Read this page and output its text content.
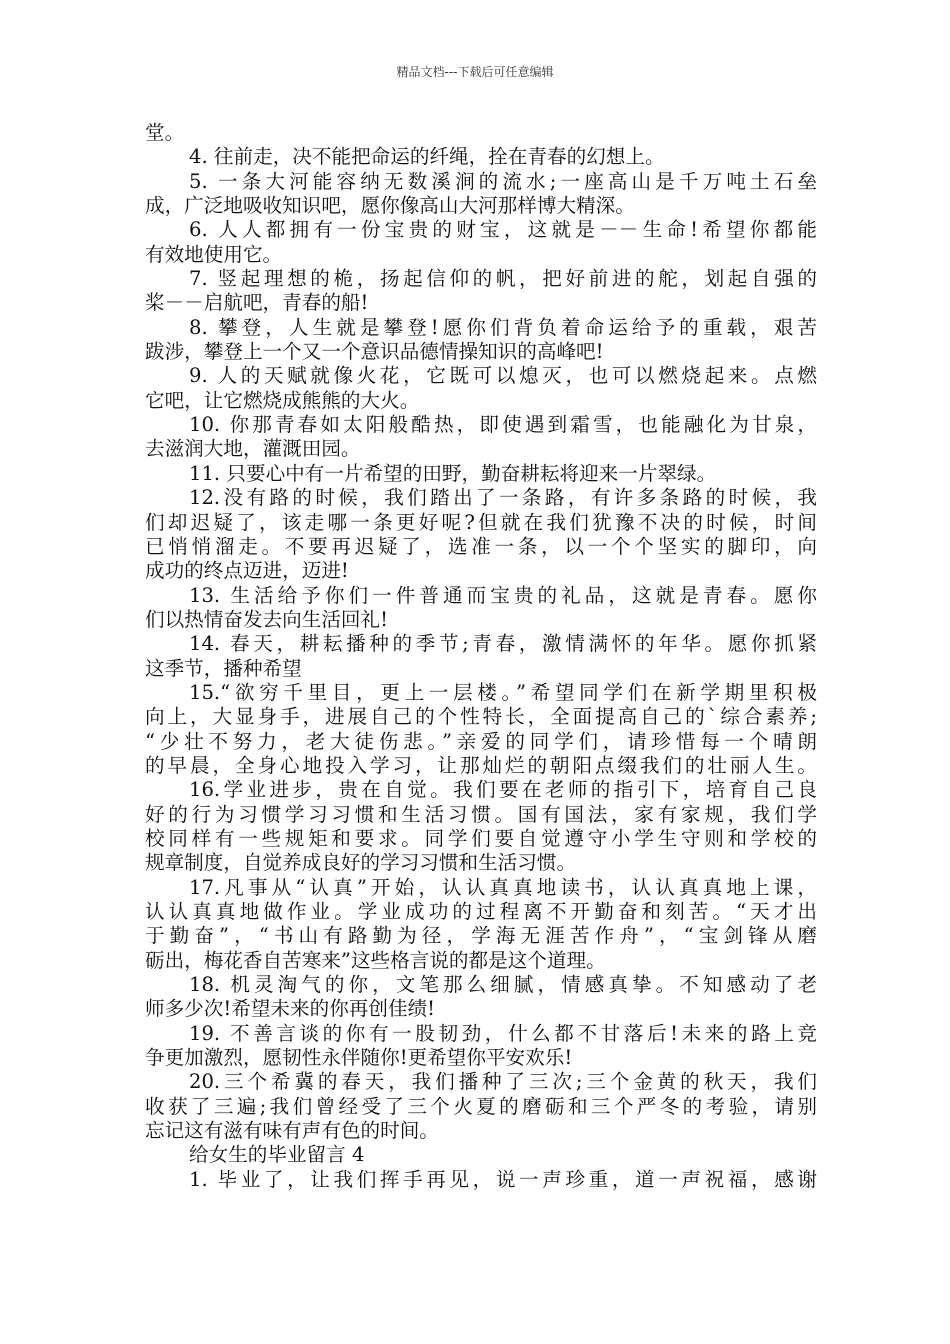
精品文档---下载后可任意编辑
堂。
4. 往前走，决不能把命运的纤绳，拴在青春的幻想上。
5. 一条大河能容纳无数溪涧的流水;一座高山是千万吨土石垒
成，广泛地吸收知识吧，愿你像高山大河那样博大精深。
6. 人人都拥有一份宝贵的财宝，这就是－－生命!希望你都能
有效地使用它。
7. 竖起理想的桅，扬起信仰的帆，把好前进的舵，划起自强的
桨－－启航吧，青春的船!
8. 攀登，人生就是攀登!愿你们背负着命运给予的重载，艰苦
跋涉，攀登上一个又一个意识品德情操知识的高峰吧!
9. 人的天赋就像火花，它既可以熄灭，也可以燃烧起来。点燃
它吧，让它燃烧成熊熊的大火。
10. 你那青春如太阳般酷热，即使遇到霜雪，也能融化为甘泉，
去滋润大地，灌溉田园。
11. 只要心中有一片希望的田野，勤奋耕耘将迎来一片翠绿。
12.没有路的时候，我们踏出了一条路，有许多条路的时候，我
们却迟疑了，该走哪一条更好呢?但就在我们犹豫不决的时候，时间
已悄悄溜走。不要再迟疑了，选准一条，以一个个坚实的脚印，向
成功的终点迈进，迈进!
13. 生活给予你们一件普通而宝贵的礼品，这就是青春。愿你
们以热情奋发去向生活回礼!
14. 春天，耕耘播种的季节;青春，激情满怀的年华。愿你抓紧
这季节，播种希望
15.“欲穷千里目，更上一层楼。”希望同学们在新学期里积极
向上，大显身手，进展自己的个性特长，全面提高自己的`综合素养;
“少壮不努力，老大徒伤悲。”亲爱的同学们，请珍惜每一个晴朗
的早晨，全身心地投入学习，让那灿烂的朝阳点缀我们的壮丽人生。
16.学业进步，贵在自觉。我们要在老师的指引下，培育自己良
好的行为习惯学习习惯和生活习惯。国有国法，家有家规，我们学
校同样有一些规矩和要求。同学们要自觉遵守小学生守则和学校的
规章制度，自觉养成良好的学习习惯和生活习惯。
17.凡事从“认真”开始，认认真真地读书，认认真真地上课，
认认真真地做作业。学业成功的过程离不开勤奋和刻苦。“天才出
于勤奋”，“书山有路勤为径，学海无涯苦作舟”，“宝剑锋从磨
砺出，梅花香自苦寒来”这些格言说的都是这个道理。
18. 机灵淘气的你，文笔那么细腻，情感真挚。不知感动了老
师多少次!希望未来的你再创佳绩!
19. 不善言谈的你有一股韧劲，什么都不甘落后!未来的路上竞
争更加激烈，愿韧性永伴随你!更希望你平安欢乐!
20.三个希冀的春天，我们播种了三次;三个金黄的秋天，我们
收获了三遍;我们曾经受了三个火夏的磨砺和三个严冬的考验，请别
忘记这有滋有味有声有色的时间。
给女生的毕业留言 4
1. 毕业了，让我们挥手再见，说一声珍重，道一声祝福，感谢
